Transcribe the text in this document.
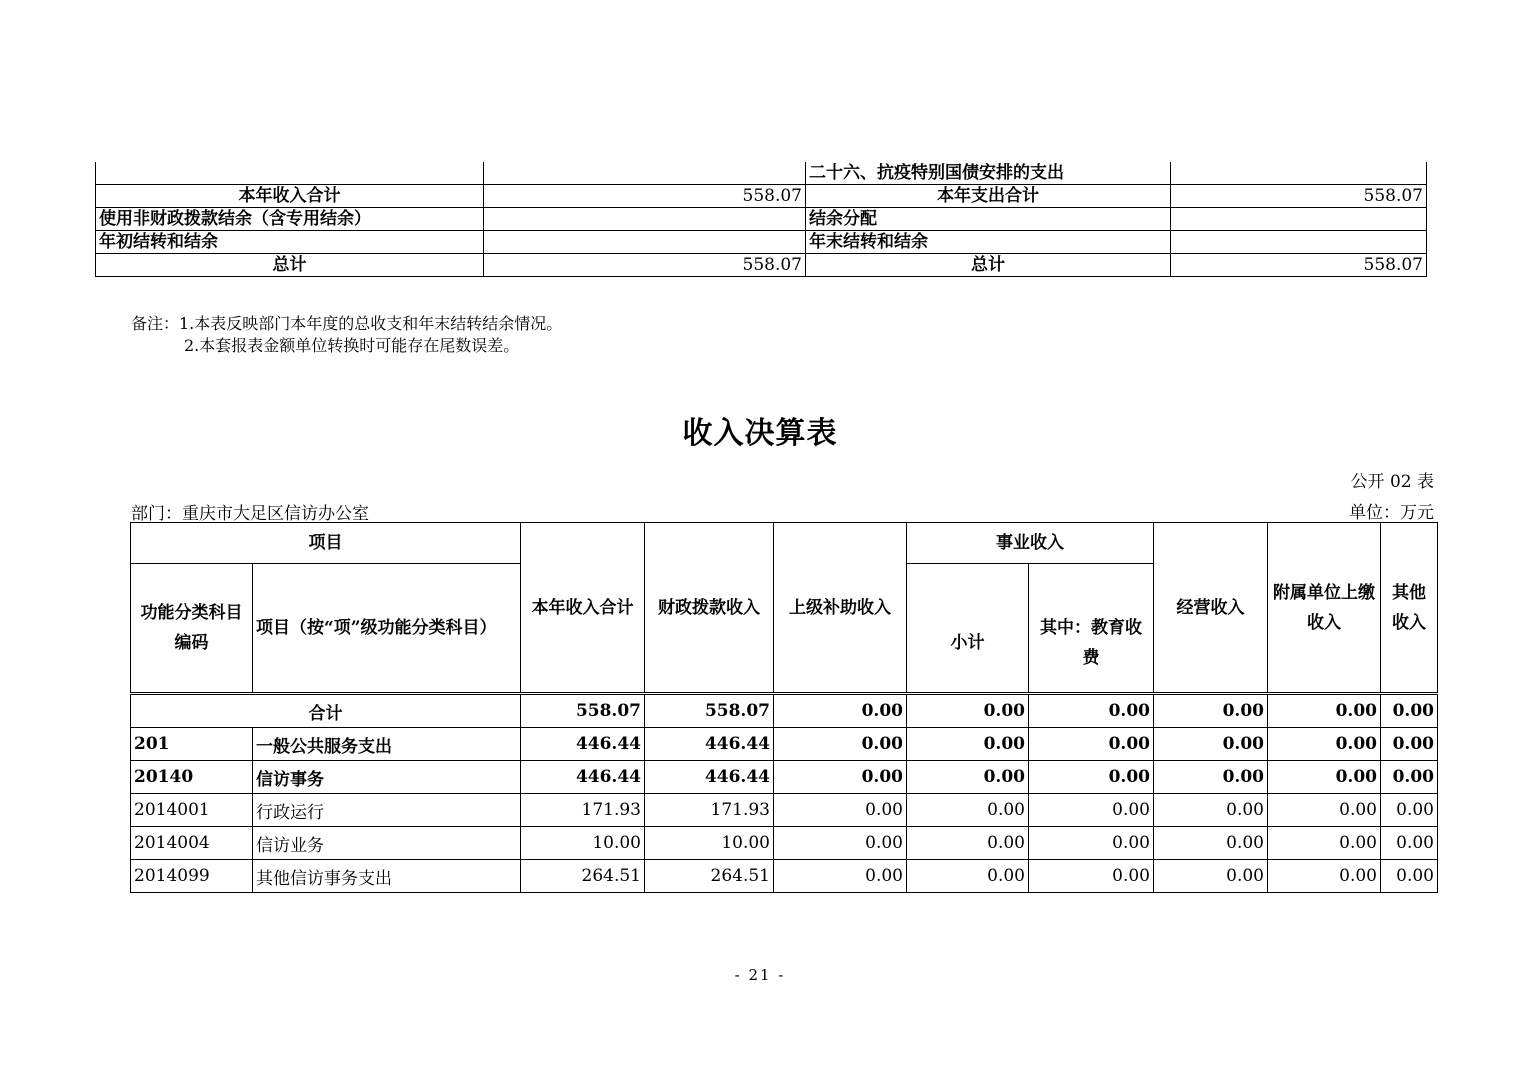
		二十六、抗疫特别国债安排的支出	
本年收入合计	558.07	本年支出合计	558.07
使用非财政拨款结余（含专用结余）		结余分配	
年初结转和结余		年末结转和结余	
总计	558.07	总计	558.07
备注：1.本表反映部门本年度的总收支和年末结转结余情况。
2.本套报表金额单位转换时可能存在尾数误差。
收入决算表
公开 02 表
部门：重庆市大足区信访办公室	单位：万元
项目		本年收入合计	财政拨款收入	上级补助收入	事业收入		经营收入	附属单位上缴收入	其他收入
功能分类科目编码	项目（按“项”级功能分类科目）				小计	其中：教育收费			
合计		558.07	558.07	0.00	0.00	0.00	0.00	0.00	0.00
201	一般公共服务支出	446.44	446.44	0.00	0.00	0.00	0.00	0.00	0.00
20140	信访事务	446.44	446.44	0.00	0.00	0.00	0.00	0.00	0.00
2014001	行政运行	171.93	171.93	0.00	0.00	0.00	0.00	0.00	0.00
2014004	信访业务	10.00	10.00	0.00	0.00	0.00	0.00	0.00	0.00
2014099	其他信访事务支出	264.51	264.51	0.00	0.00	0.00	0.00	0.00	0.00
- 21 -
